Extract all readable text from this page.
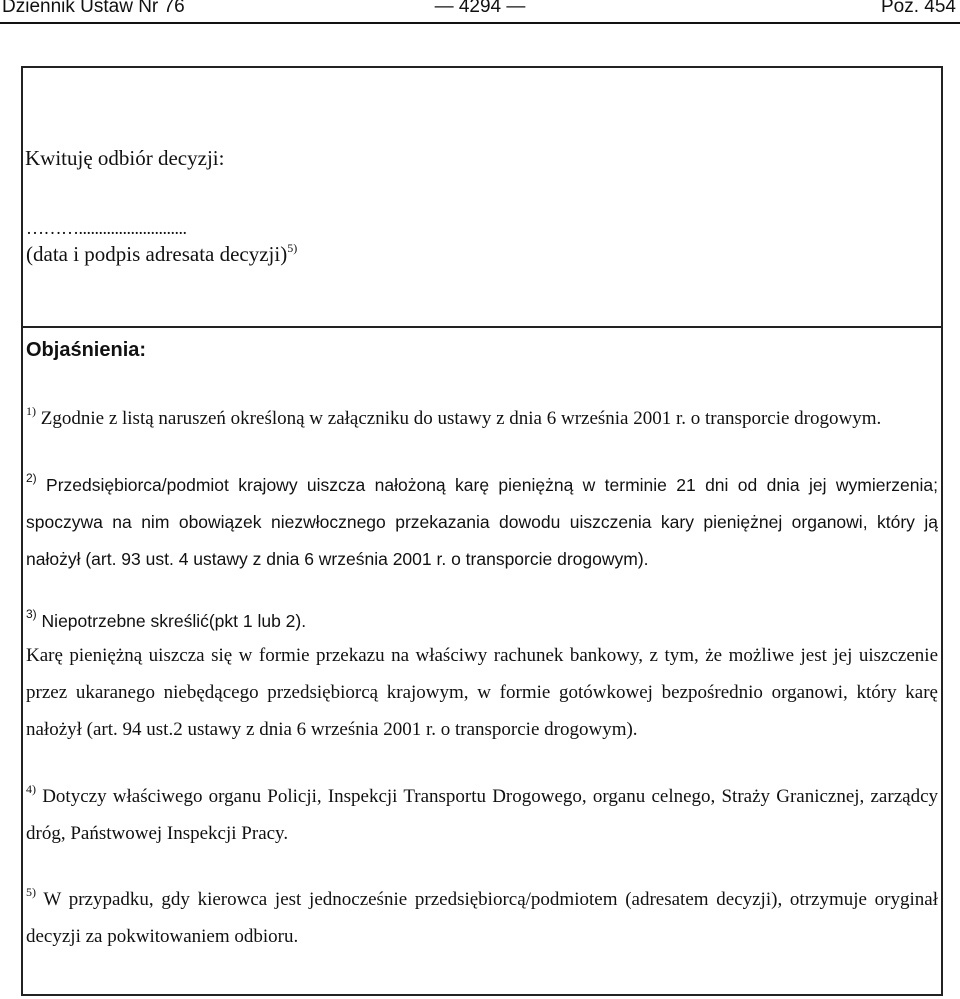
Dziennik Ustaw Nr 76	— 4294 —	Poz. 454
Kwituję odbiór decyzji:
………...........................
(data i podpis adresata decyzji)$^{5)}$
Objaśnienia:
$^{1)}$ Zgodnie z listą naruszeń określoną w załączniku do ustawy z dnia 6 września 2001 r. o transporcie drogowym.
$^{2)}$ Przedsiębiorca/podmiot krajowy uiszcza nałożoną karę pieniężną w terminie 21 dni od dnia jej wymierzenia; spoczywa na nim obowiązek niezwłocznego przekazania dowodu uiszczenia kary pieniężnej organowi, który ją nałożył (art. 93 ust. 4 ustawy z dnia 6 września 2001 r. o transporcie drogowym).
$^{3)}$ Niepotrzebne skreślić(pkt 1 lub 2).
Karę pieniężną uiszcza się w formie przekazu na właściwy rachunek bankowy, z tym, że możliwe jest jej uiszczenie przez ukaranego niebędącego przedsiębiorcą krajowym, w formie gotówkowej bezpośrednio organowi, który karę nałożył (art. 94 ust.2 ustawy z dnia 6 września 2001 r. o transporcie drogowym).
$^{4)}$ Dotyczy właściwego organu Policji, Inspekcji Transportu Drogowego, organu celnego, Straży Granicznej, zarządcy dróg, Państwowej Inspekcji Pracy.
$^{5)}$ W przypadku, gdy kierowca jest jednocześnie przedsiębiorcą/podmiotem (adresatem decyzji), otrzymuje oryginał decyzji za pokwitowaniem odbioru.
